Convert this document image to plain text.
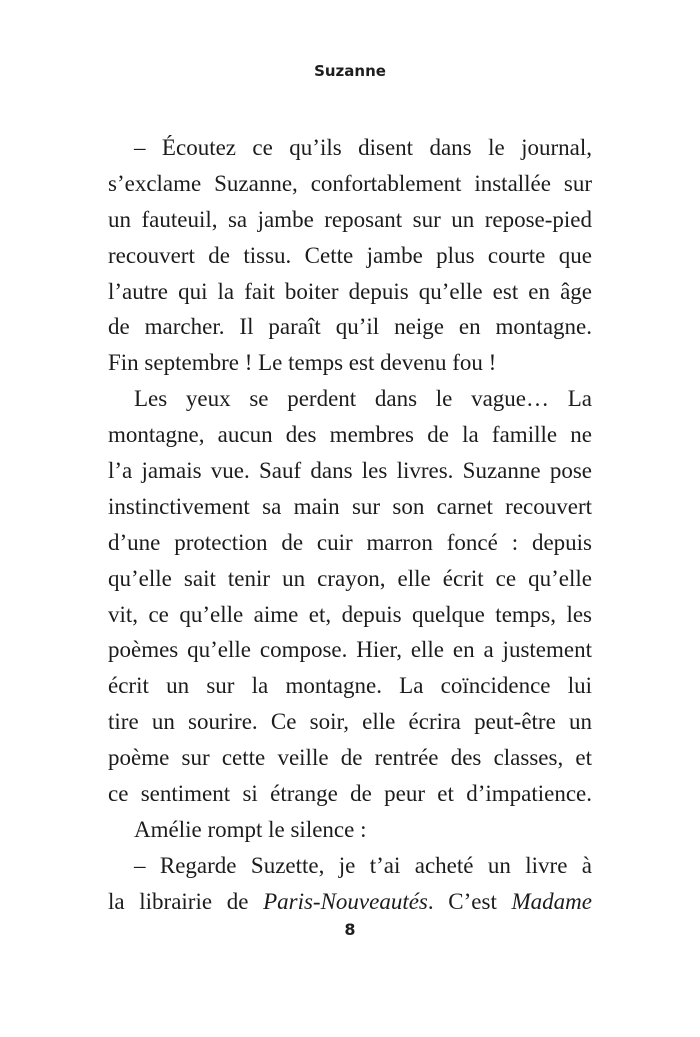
Suzanne
– Écoutez ce qu’ils disent dans le journal,
s’exclame Suzanne, confortablement installée sur
un fauteuil, sa jambe reposant sur un repose-pied
recouvert de tissu. Cette jambe plus courte que
l’autre qui la fait boiter depuis qu’elle est en âge
de marcher. Il paraît qu’il neige en montagne.
Fin septembre ! Le temps est devenu fou !
Les yeux se perdent dans le vague… La
montagne, aucun des membres de la famille ne
l’a jamais vue. Sauf dans les livres. Suzanne pose
instinctivement sa main sur son carnet recouvert
d’une protection de cuir marron foncé : depuis
qu’elle sait tenir un crayon, elle écrit ce qu’elle
vit, ce qu’elle aime et, depuis quelque temps, les
poèmes qu’elle compose. Hier, elle en a justement
écrit un sur la montagne. La coïncidence lui
tire un sourire. Ce soir, elle écrira peut-être un
poème sur cette veille de rentrée des classes, et
ce sentiment si étrange de peur et d’impatience.
Amélie rompt le silence :
– Regarde Suzette, je t’ai acheté un livre à
la librairie de Paris-Nouveautés. C’est Madame
8
